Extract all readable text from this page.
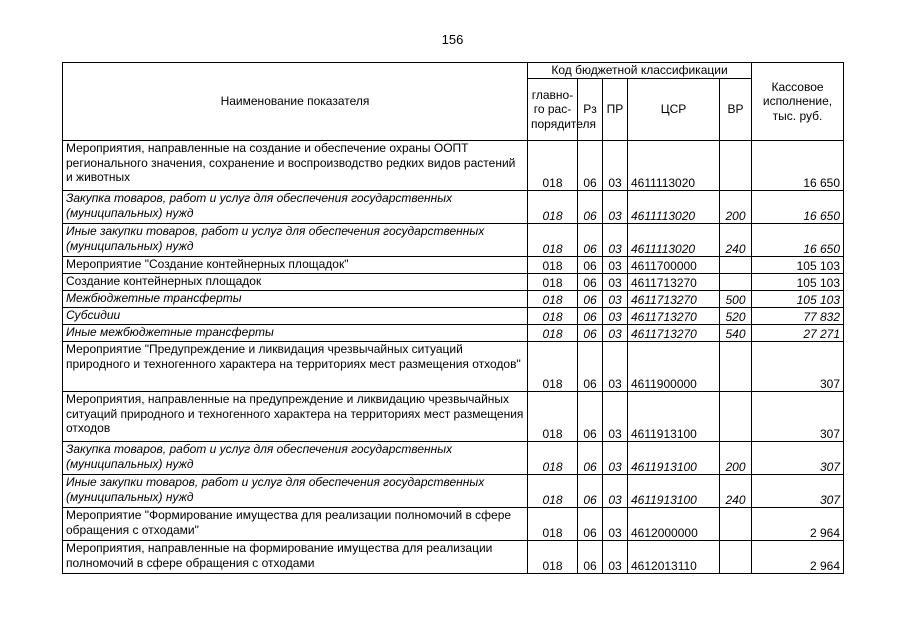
156
Наименование показателя	Код бюджетной классификации					Кассовое исполнение, тыс. руб.
	главно-го рас-порядителя	Рз	ПР	ЦСР	ВР	
Мероприятия, направленные на создание и обеспечение охраны ООПТ регионального значения, сохранение и воспроизводство редких видов растений и животных	018	06	03	4611113020		16 650
Закупка товаров, работ и услуг для обеспечения государственных (муниципальных) нужд	018	06	03	4611113020	200	16 650
Иные закупки товаров, работ и услуг для обеспечения государственных (муниципальных) нужд	018	06	03	4611113020	240	16 650
Мероприятие "Создание контейнерных площадок"	018	06	03	4611700000		105 103
Создание контейнерных площадок	018	06	03	4611713270		105 103
Межбюджетные трансферты	018	06	03	4611713270	500	105 103
Субсидии	018	06	03	4611713270	520	77 832
Иные межбюджетные трансферты	018	06	03	4611713270	540	27 271
Мероприятие "Предупреждение и ликвидация чрезвычайных ситуаций природного и техногенного характера на территориях мест размещения отходов"	018	06	03	4611900000		307
Мероприятия, направленные на предупреждение и ликвидацию чрезвычайных ситуаций природного и техногенного характера на территориях мест размещения отходов	018	06	03	4611913100		307
Закупка товаров, работ и услуг для обеспечения государственных (муниципальных) нужд	018	06	03	4611913100	200	307
Иные закупки товаров, работ и услуг для обеспечения государственных (муниципальных) нужд	018	06	03	4611913100	240	307
Мероприятие "Формирование имущества для реализации полномочий в сфере обращения с отходами"	018	06	03	4612000000		2 964
Мероприятия, направленные на формирование имущества для реализации полномочий в сфере обращения с отходами	018	06	03	4612013110		2 964
